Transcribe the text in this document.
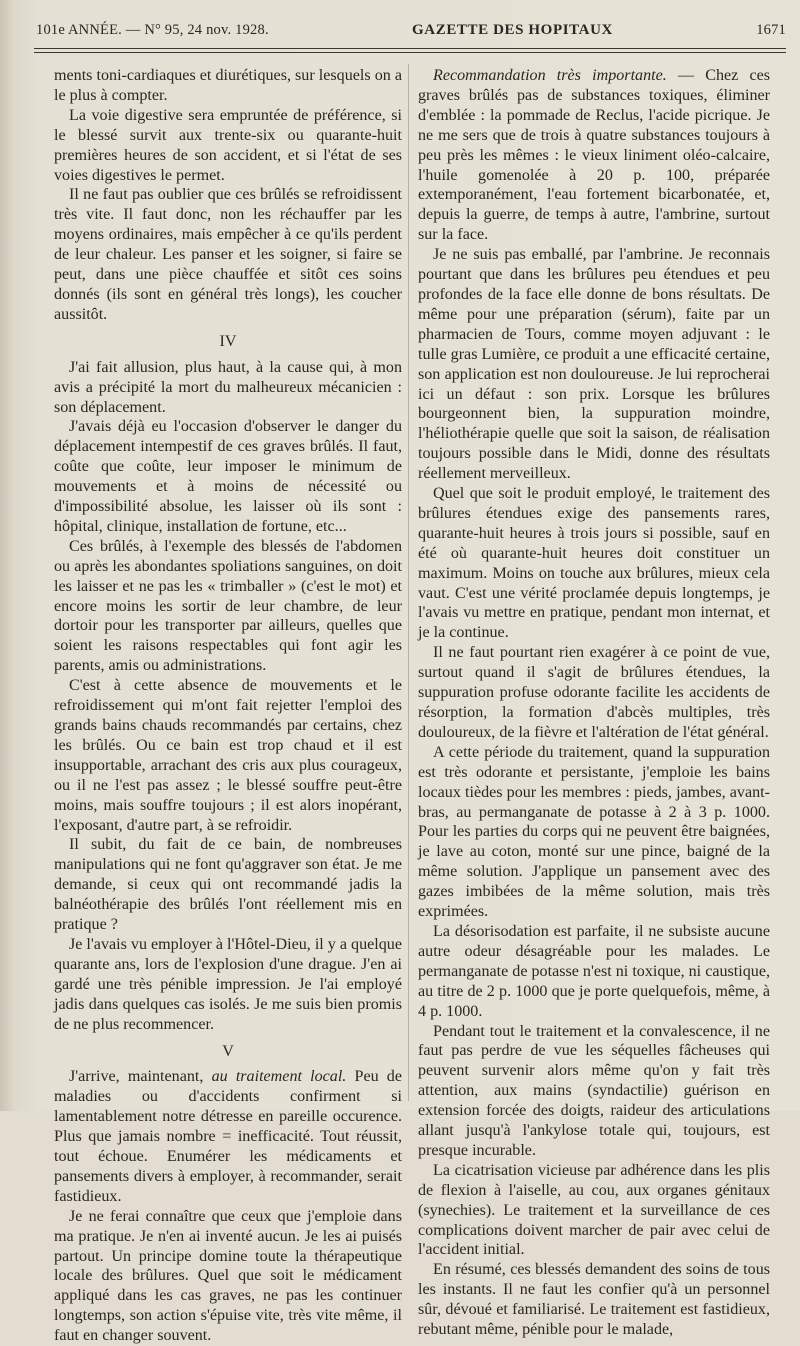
101e ANNÉE. — N° 95, 24 nov. 1928.	GAZETTE DES HOPITAUX	1671

ments toni-cardiaques et diurétiques, sur lesquels on a le plus à compter.

La voie digestive sera empruntée de préférence, si le blessé survit aux trente-six ou quarante-huit premières heures de son accident, et si l'état de ses voies digestives le permet.

Il ne faut pas oublier que ces brûlés se refroidissent très vite. Il faut donc, non les réchauffer par les moyens ordinaires, mais empêcher à ce qu'ils perdent de leur chaleur. Les panser et les soigner, si faire se peut, dans une pièce chauffée et sitôt ces soins donnés (ils sont en général très longs), les coucher aussitôt.

IV

J'ai fait allusion, plus haut, à la cause qui, à mon avis a précipité la mort du malheureux mécanicien : son déplacement.

J'avais déjà eu l'occasion d'observer le danger du déplacement intempestif de ces graves brûlés. Il faut, coûte que coûte, leur imposer le minimum de mouvements et à moins de nécessité ou d'impossibilité absolue, les laisser où ils sont : hôpital, clinique, installation de fortune, etc...

Ces brûlés, à l'exemple des blessés de l'abdomen ou après les abondantes spoliations sanguines, on doit les laisser et ne pas les « trimballer » (c'est le mot) et encore moins les sortir de leur chambre, de leur dortoir pour les transporter par ailleurs, quelles que soient les raisons respectables qui font agir les parents, amis ou administrations.

C'est à cette absence de mouvements et le refroidissement qui m'ont fait rejetter l'emploi des grands bains chauds recommandés par certains, chez les brûlés. Ou ce bain est trop chaud et il est insupportable, arrachant des cris aux plus courageux, ou il ne l'est pas assez ; le blessé souffre peut-être moins, mais souffre toujours ; il est alors inopérant, l'exposant, d'autre part, à se refroidir.

Il subit, du fait de ce bain, de nombreuses manipulations qui ne font qu'aggraver son état. Je me demande, si ceux qui ont recommandé jadis la balnéothérapie des brûlés l'ont réellement mis en pratique ?

Je l'avais vu employer à l'Hôtel-Dieu, il y a quelque quarante ans, lors de l'explosion d'une drague. J'en ai gardé une très pénible impression. Je l'ai employé jadis dans quelques cas isolés. Je me suis bien promis de ne plus recommencer.

V

J'arrive, maintenant, au traitement local. Peu de maladies ou d'accidents confirment si lamentablement notre détresse en pareille occurence. Plus que jamais nombre = inefficacité. Tout réussit, tout échoue. Enumérer les médicaments et pansements divers à employer, à recommander, serait fastidieux.

Je ne ferai connaître que ceux que j'emploie dans ma pratique. Je n'en ai inventé aucun. Je les ai puisés partout. Un principe domine toute la thérapeutique locale des brûlures. Quel que soit le médicament appliqué dans les cas graves, ne pas les continuer longtemps, son action s'épuise vite, très vite même, il faut en changer souvent.

Recommandation très importante. — Chez ces graves brûlés pas de substances toxiques, éliminer d'emblée : la pommade de Reclus, l'acide picrique. Je ne me sers que de trois à quatre substances toujours à peu près les mêmes : le vieux liniment oléo-calcaire, l'huile gomenolée à 20 p. 100, préparée extemporanément, l'eau fortement bicarbonatée, et, depuis la guerre, de temps à autre, l'ambrine, surtout sur la face.

Je ne suis pas emballé, par l'ambrine. Je reconnais pourtant que dans les brûlures peu étendues et peu profondes de la face elle donne de bons résultats. De même pour une préparation (sérum), faite par un pharmacien de Tours, comme moyen adjuvant : le tulle gras Lumière, ce produit a une efficacité certaine, son application est non douloureuse. Je lui reprocherai ici un défaut : son prix. Lorsque les brûlures bourgeonnent bien, la suppuration moindre, l'héliothérapie quelle que soit la saison, de réalisation toujours possible dans le Midi, donne des résultats réellement merveilleux.

Quel que soit le produit employé, le traitement des brûlures étendues exige des pansements rares, quarante-huit heures à trois jours si possible, sauf en été où quarante-huit heures doit constituer un maximum. Moins on touche aux brûlures, mieux cela vaut. C'est une vérité proclamée depuis longtemps, je l'avais vu mettre en pratique, pendant mon internat, et je la continue.

Il ne faut pourtant rien exagérer à ce point de vue, surtout quand il s'agit de brûlures étendues, la suppuration profuse odorante facilite les accidents de résorption, la formation d'abcès multiples, très douloureux, de la fièvre et l'altération de l'état général.

A cette période du traitement, quand la suppuration est très odorante et persistante, j'emploie les bains locaux tièdes pour les membres : pieds, jambes, avant-bras, au permanganate de potasse à 2 à 3 p. 1000. Pour les parties du corps qui ne peuvent être baignées, je lave au coton, monté sur une pince, baigné de la même solution. J'applique un pansement avec des gazes imbibées de la même solution, mais très exprimées.

La désorisodation est parfaite, il ne subsiste aucune autre odeur désagréable pour les malades. Le permanganate de potasse n'est ni toxique, ni caustique, au titre de 2 p. 1000 que je porte quelquefois, même, à 4 p. 1000.

Pendant tout le traitement et la convalescence, il ne faut pas perdre de vue les séquelles fâcheuses qui peuvent survenir alors même qu'on y fait très attention, aux mains (syndactilie) guérison en extension forcée des doigts, raideur des articulations allant jusqu'à l'ankylose totale qui, toujours, est presque incurable.

La cicatrisation vicieuse par adhérence dans les plis de flexion à l'aiselle, au cou, aux organes génitaux (synechies). Le traitement et la surveillance de ces complications doivent marcher de pair avec celui de l'accident initial.

En résumé, ces blessés demandent des soins de tous les instants. Il ne faut les confier qu'à un personnel sûr, dévoué et familiarisé. Le traitement est fastidieux, rebutant même, pénible pour le malade,
